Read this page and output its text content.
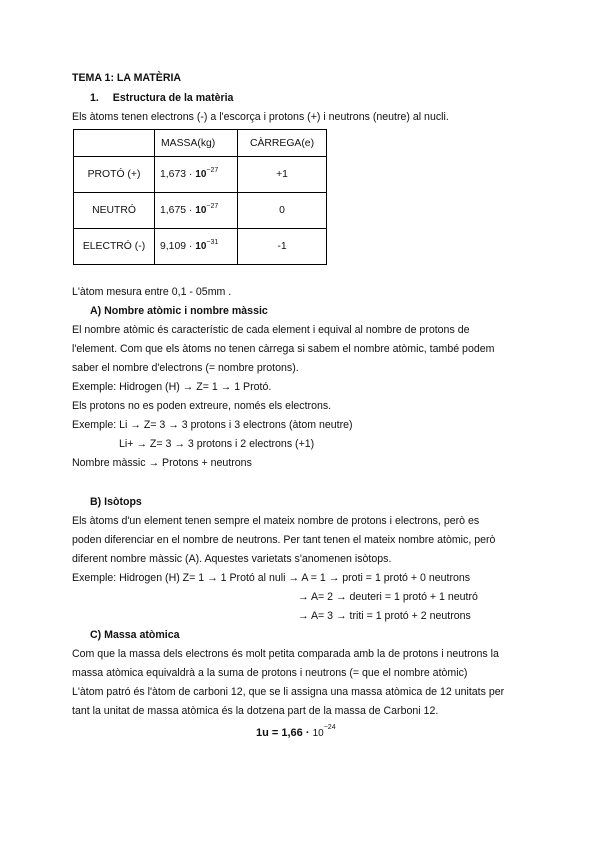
TEMA 1: LA MATÈRIA
1. Estructura de la matèria
Els àtoms tenen electrons (-) a l'escorça i protons (+) i neutrons (neutre) al nucli.
	MASSA(kg)	CÀRREGA(e)
PROTÓ (+)	$1,673 \cdot 10^{-27}$	+1
NEUTRÓ	$1,675 \cdot 10^{-27}$	0
ELECTRÓ (-)	$9,109 \cdot 10^{-31}$	-1
L'àtom mesura entre 0,1 - 05mm .
A) Nombre atòmic i nombre màssic
El nombre atòmic és característic de cada element i equival al nombre de protons de
l'element. Com que els àtoms no tenen càrrega si sabem el nombre atòmic, també podem
saber el nombre d'electrons (= nombre protons).
Exemple: Hidrogen (H) → Z= 1 → 1 Protó.
Els protons no es poden extreure, només els electrons.
Exemple: Li → Z= 3 → 3 protons i 3 electrons (àtom neutre)
Li+ → Z= 3 → 3 protons i 2 electrons (+1)
Nombre màssic → Protons + neutrons
B) Isòtops
Els àtoms d'un element tenen sempre el mateix nombre de protons i electrons, però es
poden diferenciar en el nombre de neutrons. Per tant tenen el mateix nombre atòmic, però
diferent nombre màssic (A). Aquestes varietats s'anomenen isòtops.
Exemple: Hidrogen (H) Z= 1 → 1 Protó al nuli → A = 1 → proti = 1 protó + 0 neutrons
→ A= 2 → deuteri = 1 protó + 1 neutró
→ A= 3 → triti = 1 protó + 2 neutrons
C) Massa atòmica
Com que la massa dels electrons és molt petita comparada amb la de protons i neutrons la
massa atòmica equivaldrà a la suma de protons i neutrons (= que el nombre atòmic)
L'àtom patró és l'àtom de carboni 12, que se li assigna una massa atòmica de 12 unitats per
tant la unitat de massa atòmica és la dotzena part de la massa de Carboni 12.
$1u = 1,66 \cdot 10^{-24}$
